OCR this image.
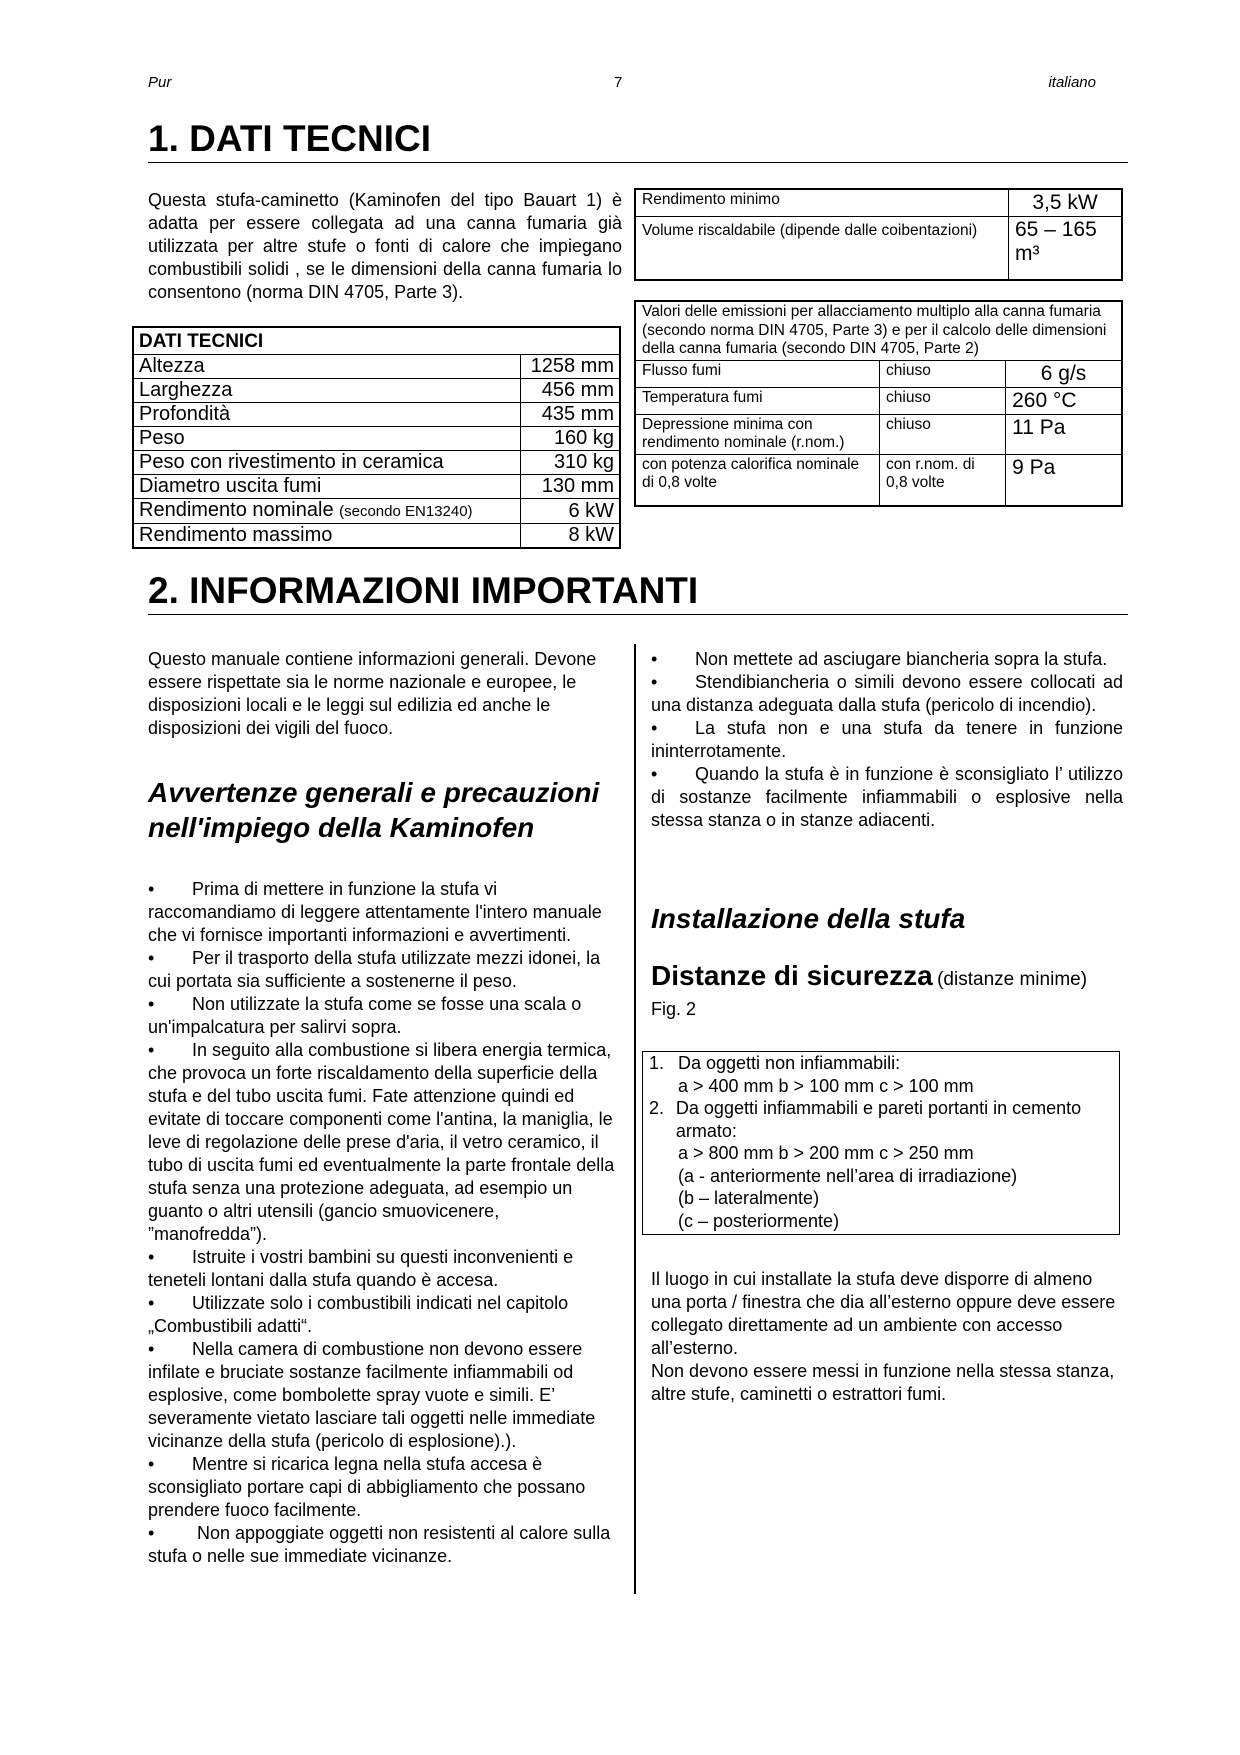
Pur	7	italiano
1. DATI TECNICI
Questa stufa-caminetto (Kaminofen del tipo Bauart 1) è adatta per essere collegata ad una canna fumaria già utilizzata per altre stufe o fonti di calore che impiegano combustibili solidi , se le dimensioni della canna fumaria lo consentono (norma DIN 4705, Parte 3).
DATI TECNICI	
Altezza	1258 mm
Larghezza	456 mm
Profondità	435 mm
Peso	160 kg
Peso con rivestimento in ceramica	310 kg
Diametro uscita fumi	130 mm
Rendimento nominale (secondo EN13240)	6 kW
Rendimento massimo	8 kW
Rendimento minimo	3,5 kW
Volume riscaldabile (dipende dalle coibentazioni)	65 – 165 m³
Valori delle emissioni per allacciamento multiplo alla canna fumaria (secondo norma DIN 4705, Parte 3) e per il calcolo delle dimensioni della canna fumaria (secondo DIN 4705, Parte 2)		
Flusso fumi	chiuso	6 g/s
Temperatura fumi	chiuso	260 °C
Depressione minima con rendimento nominale (r.nom.)	chiuso	11 Pa
con potenza calorifica nominale di 0,8 volte	con r.nom. di 0,8 volte	9 Pa
2. INFORMAZIONI IMPORTANTI
Questo manuale contiene informazioni generali. Devone essere rispettate sia le norme nazionale e europee, le disposizioni locali e le leggi sul edilizia ed anche le disposizioni dei vigili del fuoco.
Avvertenze generali e precauzioni nell'impiego della Kaminofen
• Prima di mettere in funzione la stufa vi raccomandiamo di leggere attentamente l'intero manuale che vi fornisce importanti informazioni e avvertimenti.
• Per il trasporto della stufa utilizzate mezzi idonei, la cui portata sia sufficiente a sostenerne il peso.
• Non utilizzate la stufa come se fosse una scala o un'impalcatura per salirvi sopra.
• In seguito alla combustione si libera energia termica, che provoca un forte riscaldamento della superficie della stufa e del tubo uscita fumi. Fate attenzione quindi ed evitate di toccare componenti come l'antina, la maniglia, le leve di regolazione delle prese d'aria, il vetro ceramico, il tubo di uscita fumi ed eventualmente la parte frontale della stufa senza una protezione adeguata, ad esempio un guanto o altri utensili (gancio smuovicenere, ”manofredda”).
• Istruite i vostri bambini su questi inconvenienti e teneteli lontani dalla stufa quando è accesa.
• Utilizzate solo i combustibili indicati nel capitolo „Combustibili adatti“.
• Nella camera di combustione non devono essere infilate e bruciate sostanze facilmente infiammabili od esplosive, come bombolette spray vuote e simili. E’ severamente vietato lasciare tali oggetti nelle immediate vicinanze della stufa (pericolo di esplosione).).
• Mentre si ricarica legna nella stufa accesa è sconsigliato portare capi di abbigliamento che possano prendere fuoco facilmente.
• Non appoggiate oggetti non resistenti al calore sulla stufa o nelle sue immediate vicinanze.
• Non mettete ad asciugare biancheria sopra la stufa.
• Stendibiancheria o simili devono essere collocati ad una distanza adeguata dalla stufa (pericolo di incendio).
• La stufa non e una stufa da tenere in funzione ininterrotamente.
• Quando la stufa è in funzione è sconsigliato l’ utilizzo di sostanze facilmente infiammabili o esplosive nella stessa stanza o in stanze adiacenti.
Installazione della stufa
Distanze di sicurezza (distanze minime)
Fig. 2
1. Da oggetti non infiammabili:
a > 400 mm b > 100 mm c > 100 mm
2. Da oggetti infiammabili e pareti portanti in cemento armato:
a > 800 mm b > 200 mm c > 250 mm
(a - anteriormente nell’area di irradiazione)
(b – lateralmente)
(c – posteriormente)
Il luogo in cui installate la stufa deve disporre di almeno una porta / finestra che dia all’esterno oppure deve essere collegato direttamente ad un ambiente con accesso all’esterno.
Non devono essere messi in funzione nella stessa stanza, altre stufe, caminetti o estrattori fumi.
